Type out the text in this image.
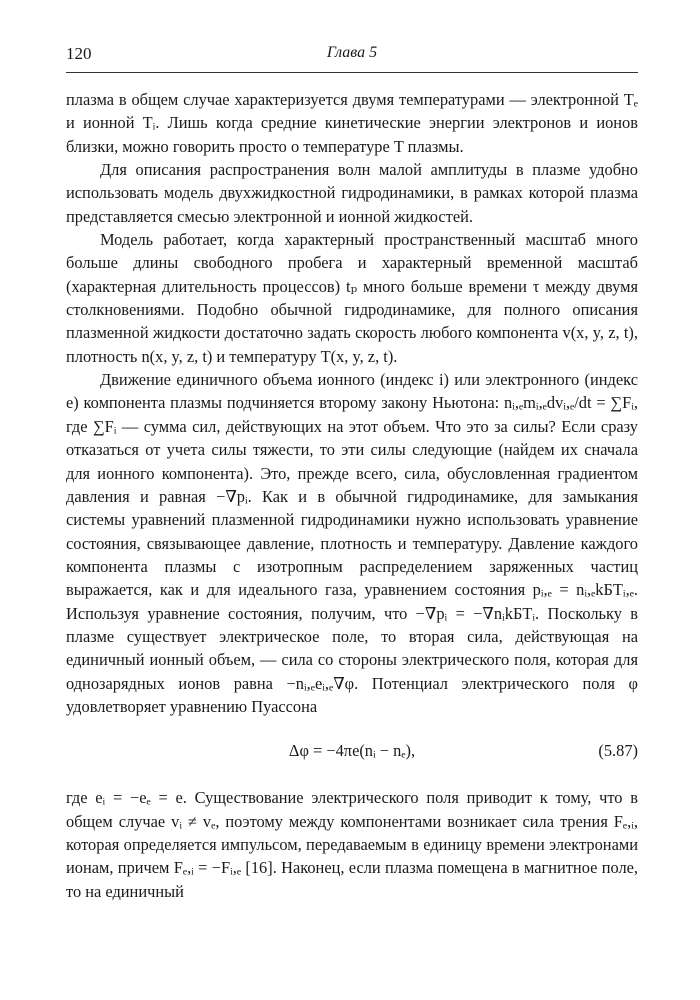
120	Глава 5

плазма в общем случае характеризуется двумя температурами — электронной Tₑ и ионной Tᵢ. Лишь когда средние кинетические энергии электронов и ионов близки, можно говорить просто о температуре T плазмы.

Для описания распространения волн малой амплитуды в плазме удобно использовать модель двухжидкостной гидродинамики, в рамках которой плазма представляется смесью электронной и ионной жидкостей.

Модель работает, когда характерный пространственный масштаб много больше длины свободного пробега и характерный временной масштаб (характерная длительность процессов) tₚ много больше времени τ между двумя столкновениями. Подобно обычной гидродинамике, для полного описания плазменной жидкости достаточно задать скорость любого компонента v(x, y, z, t), плотность n(x, y, z, t) и температуру T(x, y, z, t).

Движение единичного объема ионного (индекс i) или электронного (индекс e) компонента плазмы подчиняется второму закону Ньютона: nᵢ,ₑmᵢ,ₑdvᵢ,ₑ/dt = ∑Fᵢ, где ∑Fᵢ — сумма сил, действующих на этот объем. Что это за силы? Если сразу отказаться от учета силы тяжести, то эти силы следующие (найдем их сначала для ионного компонента). Это, прежде всего, сила, обусловленная градиентом давления и равная −∇pᵢ. Как и в обычной гидродинамике, для замыкания системы уравнений плазменной гидродинамики нужно использовать уравнение состояния, связывающее давление, плотность и температуру. Давление каждого компонента плазмы с изотропным распределением заряженных частиц выражается, как и для идеального газа, уравнением состояния pᵢ,ₑ = nᵢ,ₑkБTᵢ,ₑ. Используя уравнение состояния, получим, что −∇pᵢ = −∇nᵢkБTᵢ. Поскольку в плазме существует электрическое поле, то вторая сила, действующая на единичный ионный объем, — сила со стороны электрического поля, которая для однозарядных ионов равна −nᵢ,ₑeᵢ,ₑ∇φ. Потенциал электрического поля φ удовлетворяет уравнению Пуассона

Δφ = −4πe(nᵢ − nₑ),	(5.87)

где eᵢ = −eₑ = e. Существование электрического поля приводит к тому, что в общем случае vᵢ ≠ vₑ, поэтому между компонентами возникает сила трения Fₑ,ᵢ, которая определяется импульсом, передаваемым в единицу времени электронами ионам, причем Fₑ,ᵢ = −Fᵢ,ₑ [16]. Наконец, если плазма помещена в магнитное поле, то на единичный
